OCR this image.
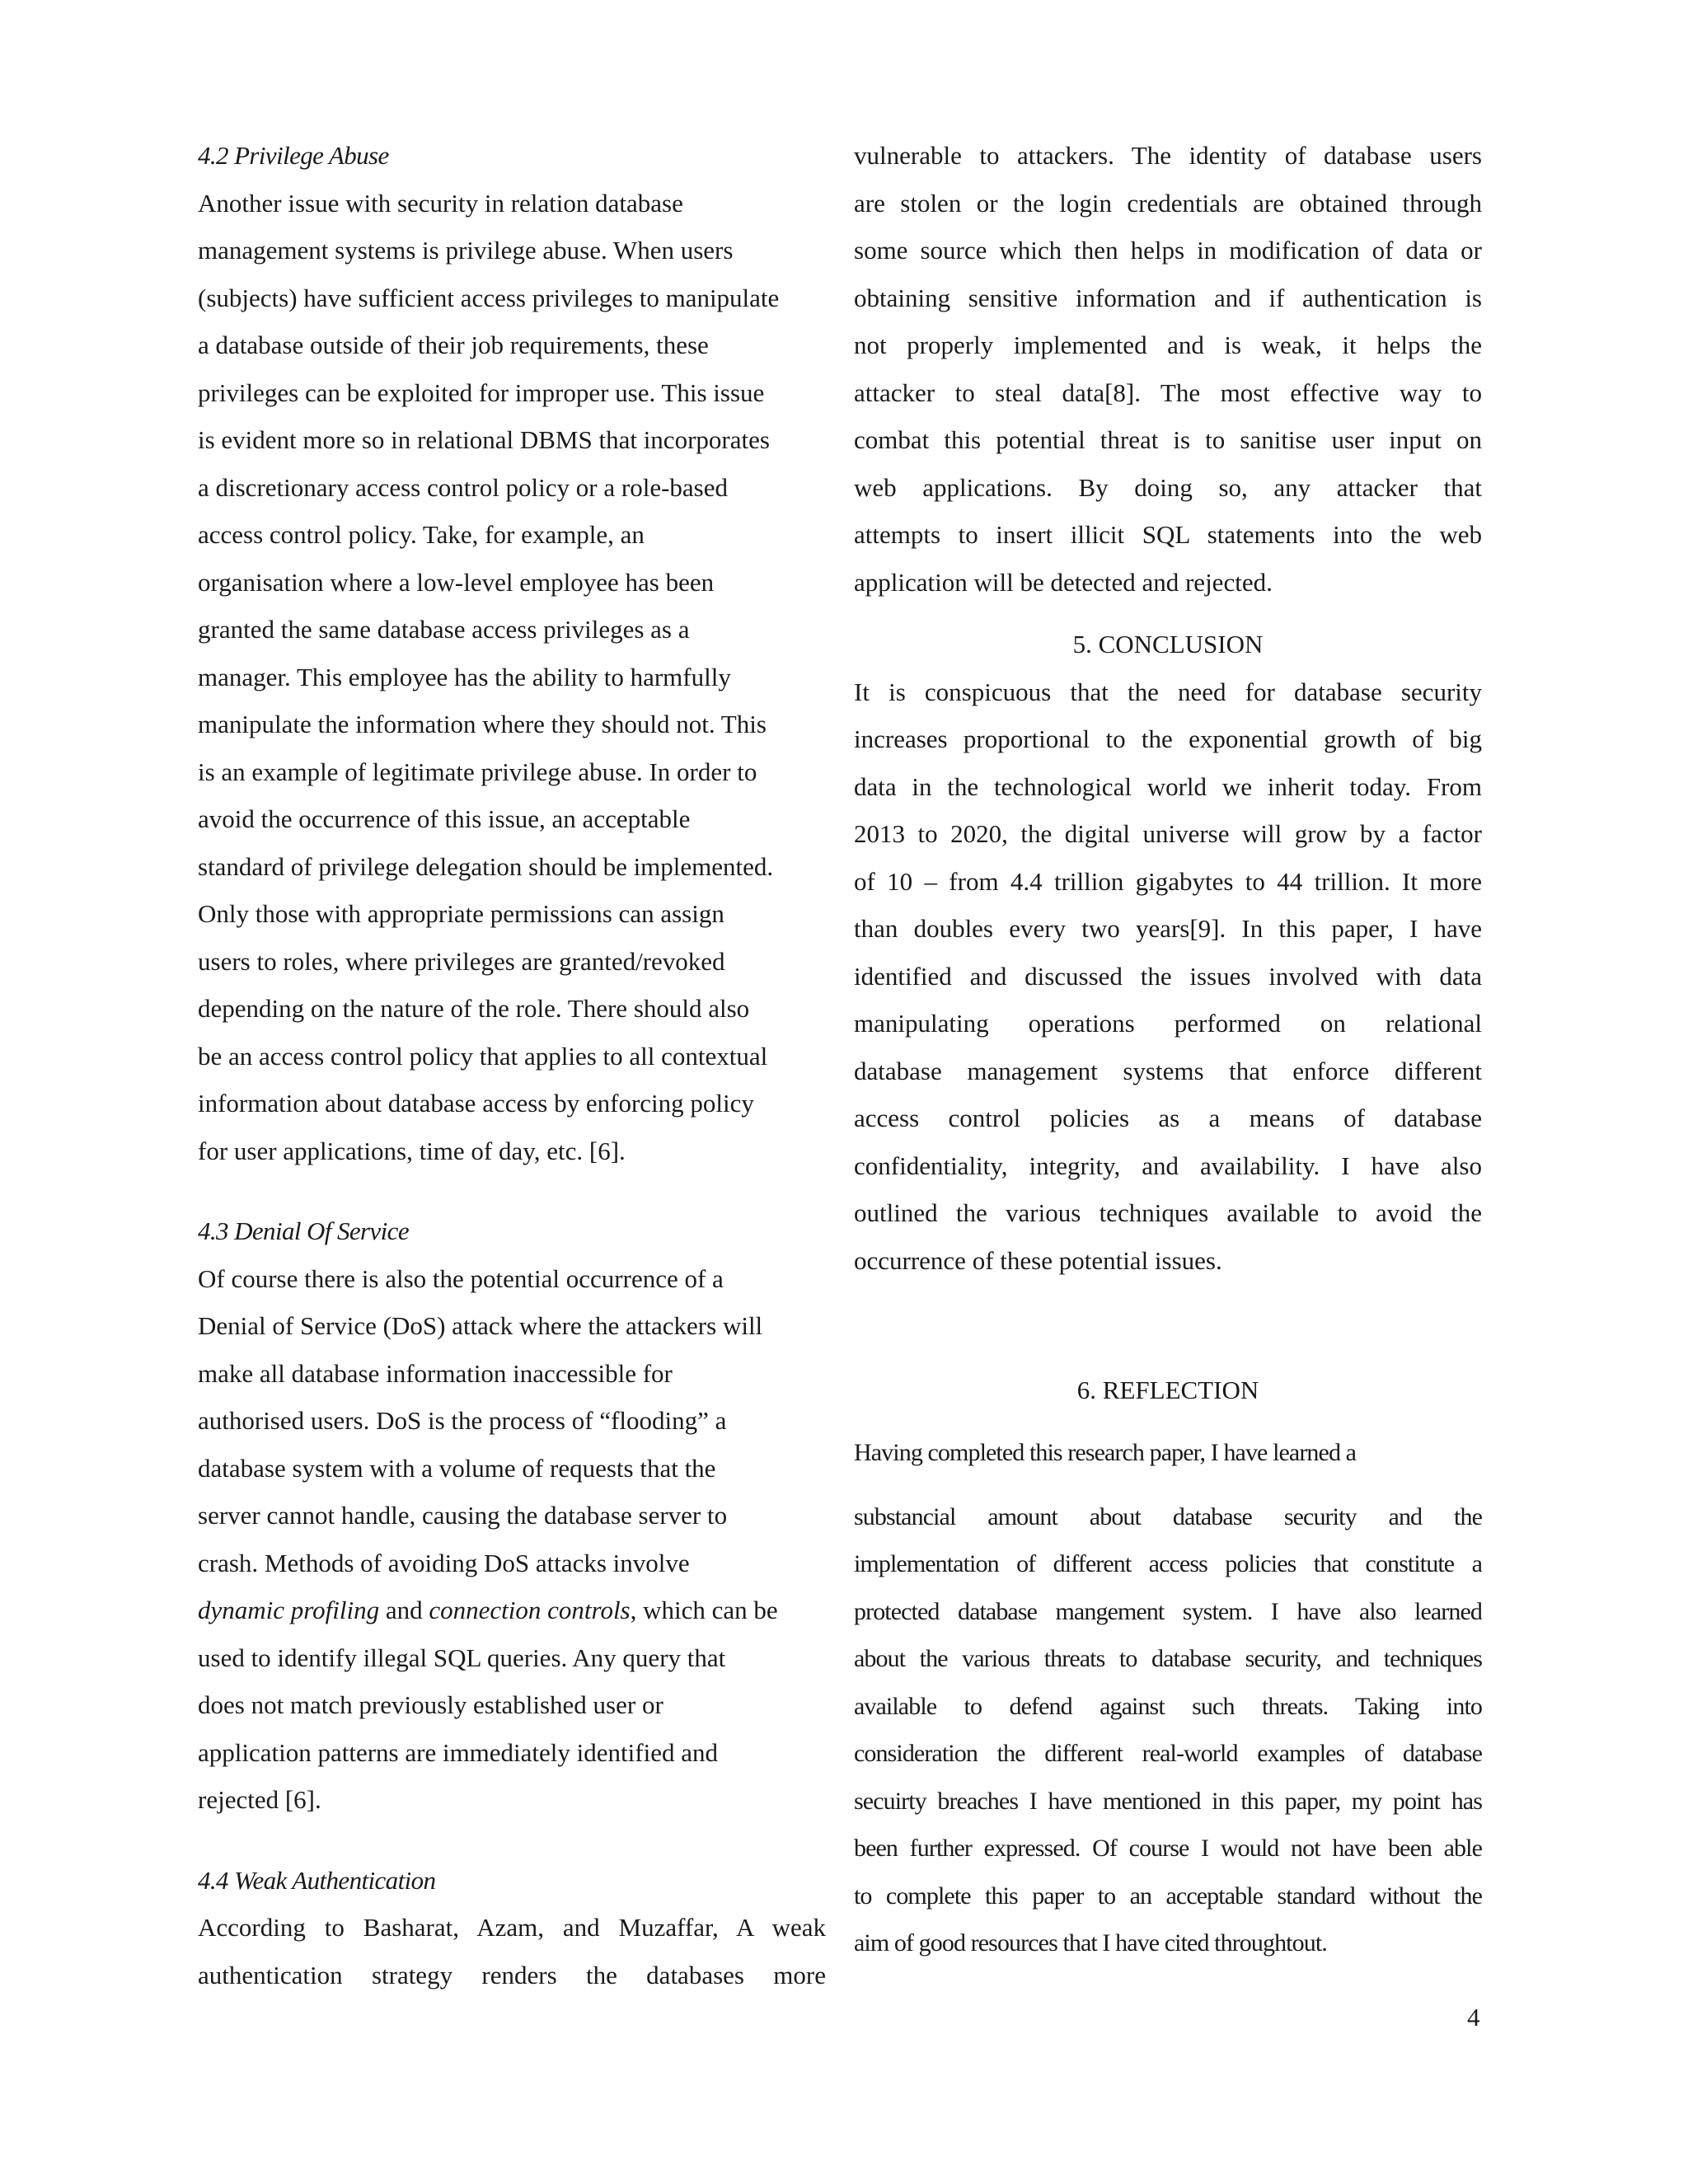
4.2 Privilege Abuse
Another issue with security in relation database
management systems is privilege abuse. When users
(subjects) have sufficient access privileges to manipulate
a database outside of their job requirements, these
privileges can be exploited for improper use. This issue
is evident more so in relational DBMS that incorporates
a discretionary access control policy or a role-based
access control policy. Take, for example, an
organisation where a low-level employee has been
granted the same database access privileges as a
manager. This employee has the ability to harmfully
manipulate the information where they should not. This
is an example of legitimate privilege abuse. In order to
avoid the occurrence of this issue, an acceptable
standard of privilege delegation should be implemented.
Only those with appropriate permissions can assign
users to roles, where privileges are granted/revoked
depending on the nature of the role. There should also
be an access control policy that applies to all contextual
information about database access by enforcing policy
for user applications, time of day, etc. [6].
4.3 Denial Of Service
Of course there is also the potential occurrence of a
Denial of Service (DoS) attack where the attackers will
make all database information inaccessible for
authorised users. DoS is the process of “flooding” a
database system with a volume of requests that the
server cannot handle, causing the database server to
crash. Methods of avoiding DoS attacks involve
dynamic profiling and connection controls, which can be
used to identify illegal SQL queries. Any query that
does not match previously established user or
application patterns are immediately identified and
rejected [6].
4.4 Weak Authentication
According to Basharat, Azam, and Muzaffar, A weak
authentication strategy renders the databases more
vulnerable to attackers. The identity of database users
are stolen or the login credentials are obtained through
some source which then helps in modification of data or
obtaining sensitive information and if authentication is
not properly implemented and is weak, it helps the
attacker to steal data[8]. The most effective way to
combat this potential threat is to sanitise user input on
web applications. By doing so, any attacker that
attempts to insert illicit SQL statements into the web
application will be detected and rejected.
5. CONCLUSION
It is conspicuous that the need for database security
increases proportional to the exponential growth of big
data in the technological world we inherit today. From
2013 to 2020, the digital universe will grow by a factor
of 10 – from 4.4 trillion gigabytes to 44 trillion. It more
than doubles every two years[9]. In this paper, I have
identified and discussed the issues involved with data
manipulating operations performed on relational
database management systems that enforce different
access control policies as a means of database
confidentiality, integrity, and availability. I have also
outlined the various techniques available to avoid the
occurrence of these potential issues.
6. REFLECTION
Having completed this research paper, I have learned a
substancial amount about database security and the
implementation of different access policies that constitute a
protected database mangement system. I have also learned
about the various threats to database security, and techniques
available to defend against such threats. Taking into
consideration the different real-world examples of database
secuirty breaches I have mentioned in this paper, my point has
been further expressed. Of course I would not have been able
to complete this paper to an acceptable standard without the
aim of good resources that I have cited throughtout.
4
